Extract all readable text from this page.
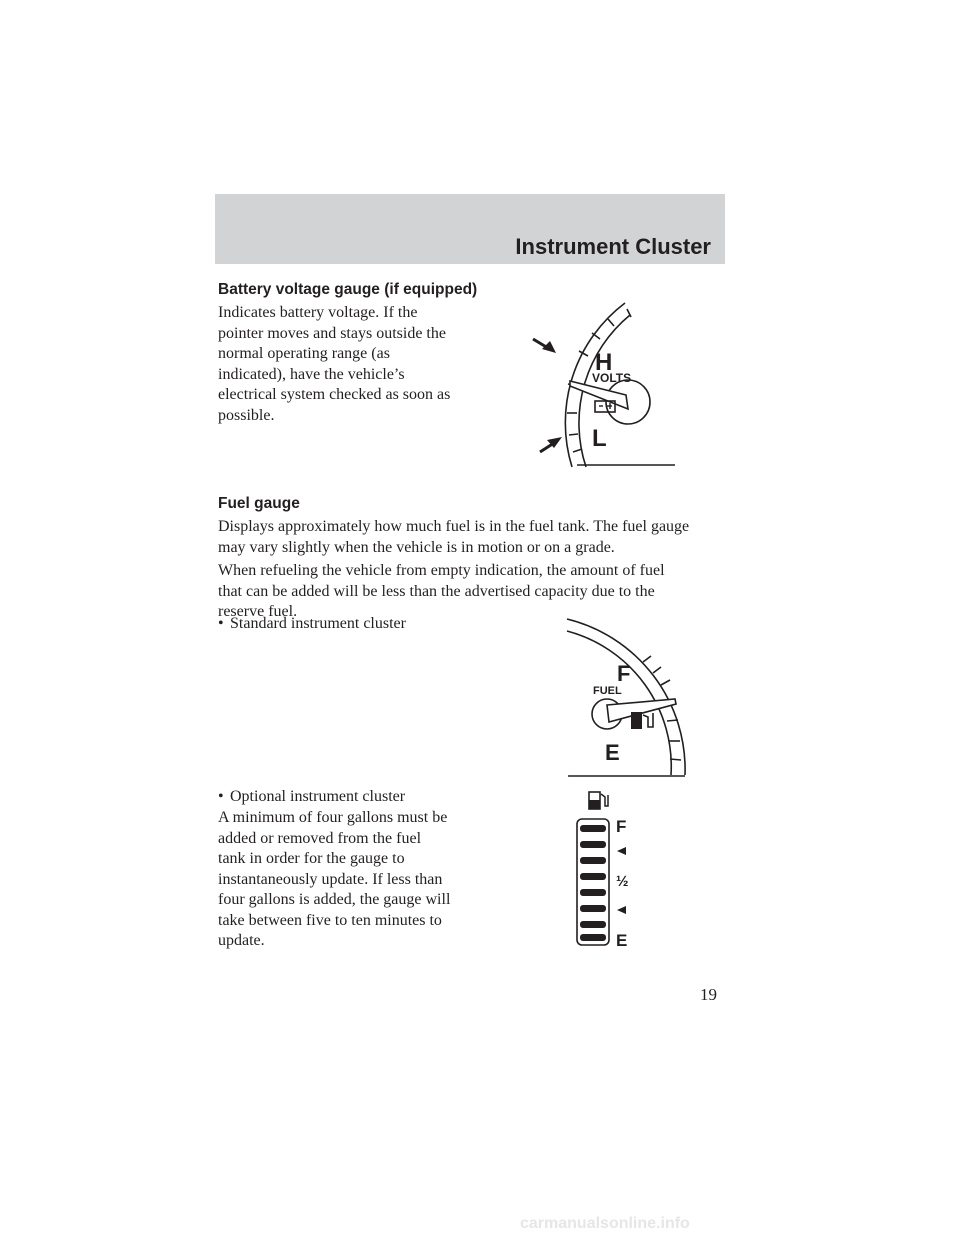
Instrument Cluster
Battery voltage gauge (if equipped)
Indicates battery voltage. If the
pointer moves and stays outside the
normal operating range (as
indicated), have the vehicle’s
electrical system checked as soon as
possible.
H
VOLTS
L
Fuel gauge
Displays approximately how much fuel is in the fuel tank. The fuel gauge
may vary slightly when the vehicle is in motion or on a grade.
When refueling the vehicle from empty indication, the amount of fuel
that can be added will be less than the advertised capacity due to the
reserve fuel.
• Standard instrument cluster
F
FUEL
E
• Optional instrument cluster
A minimum of four gallons must be
added or removed from the fuel
tank in order for the gauge to
instantaneously update. If less than
four gallons is added, the gauge will
take between five to ten minutes to
update.
F
½
E
19
carmanualsonline.info
